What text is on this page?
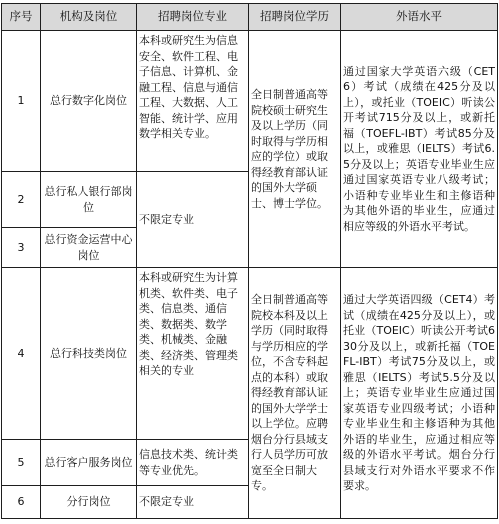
序号	机构及岗位	招聘岗位专业	招聘岗位学历	外语水平
1	总行数字化岗位	本科或研究生为信息安全、软件工程、电子信息、计算机、金融工程、信息与通信工程、大数据、人工智能、统计学、应用数学相关专业。	全日制普通高等院校硕士研究生及以上学历（同时取得与学历相应的学位）或取得经教育部认证的国外大学硕士、博士学位。	通过国家大学英语六级（CET6）考试（成绩在425分及以上），或托业（TOEIC）听读公开考试715分及以上，或新托福（TOEFL-IBT）考试85分及以上，或雅思（IELTS）考试6.5分及以上；英语专业毕业生应通过国家英语专业八级考试；小语种专业毕业生和主修语种为其他外语的毕业生，应通过相应等级的外语水平考试。
2	总行私人银行部岗位	不限定专业		
3	总行资金运营中心岗位			
4	总行科技类岗位	本科或研究生为计算机类、软件类、电子类、信息类、通信类、数据类、数学类、机械类、金融类、经济类、管理类相关的专业	全日制普通高等院校本科及以上学历（同时取得与学历相应的学位，不含专科起点的本科）或取得经教育部认证的国外大学学士以上学位。应聘烟台分行县域支行人员学历可放宽至全日制大专。	通过大学英语四级（CET4）考试（成绩在425分及以上），或托业（TOEIC）听读公开考试630分及以上，或新托福（TOEFL-IBT）考试75分及以上，或雅思（IELTS）考试5.5分及以上；英语专业毕业生应通过国家英语专业四级考试；小语种专业毕业生和主修语种为其他外语的毕业生，应通过相应等级的外语水平考试。烟台分行县域支行对外语水平要求不作要求。
5	总行客户服务岗位	信息技术类、统计类等专业优先。		
6	分行岗位	不限定专业		
